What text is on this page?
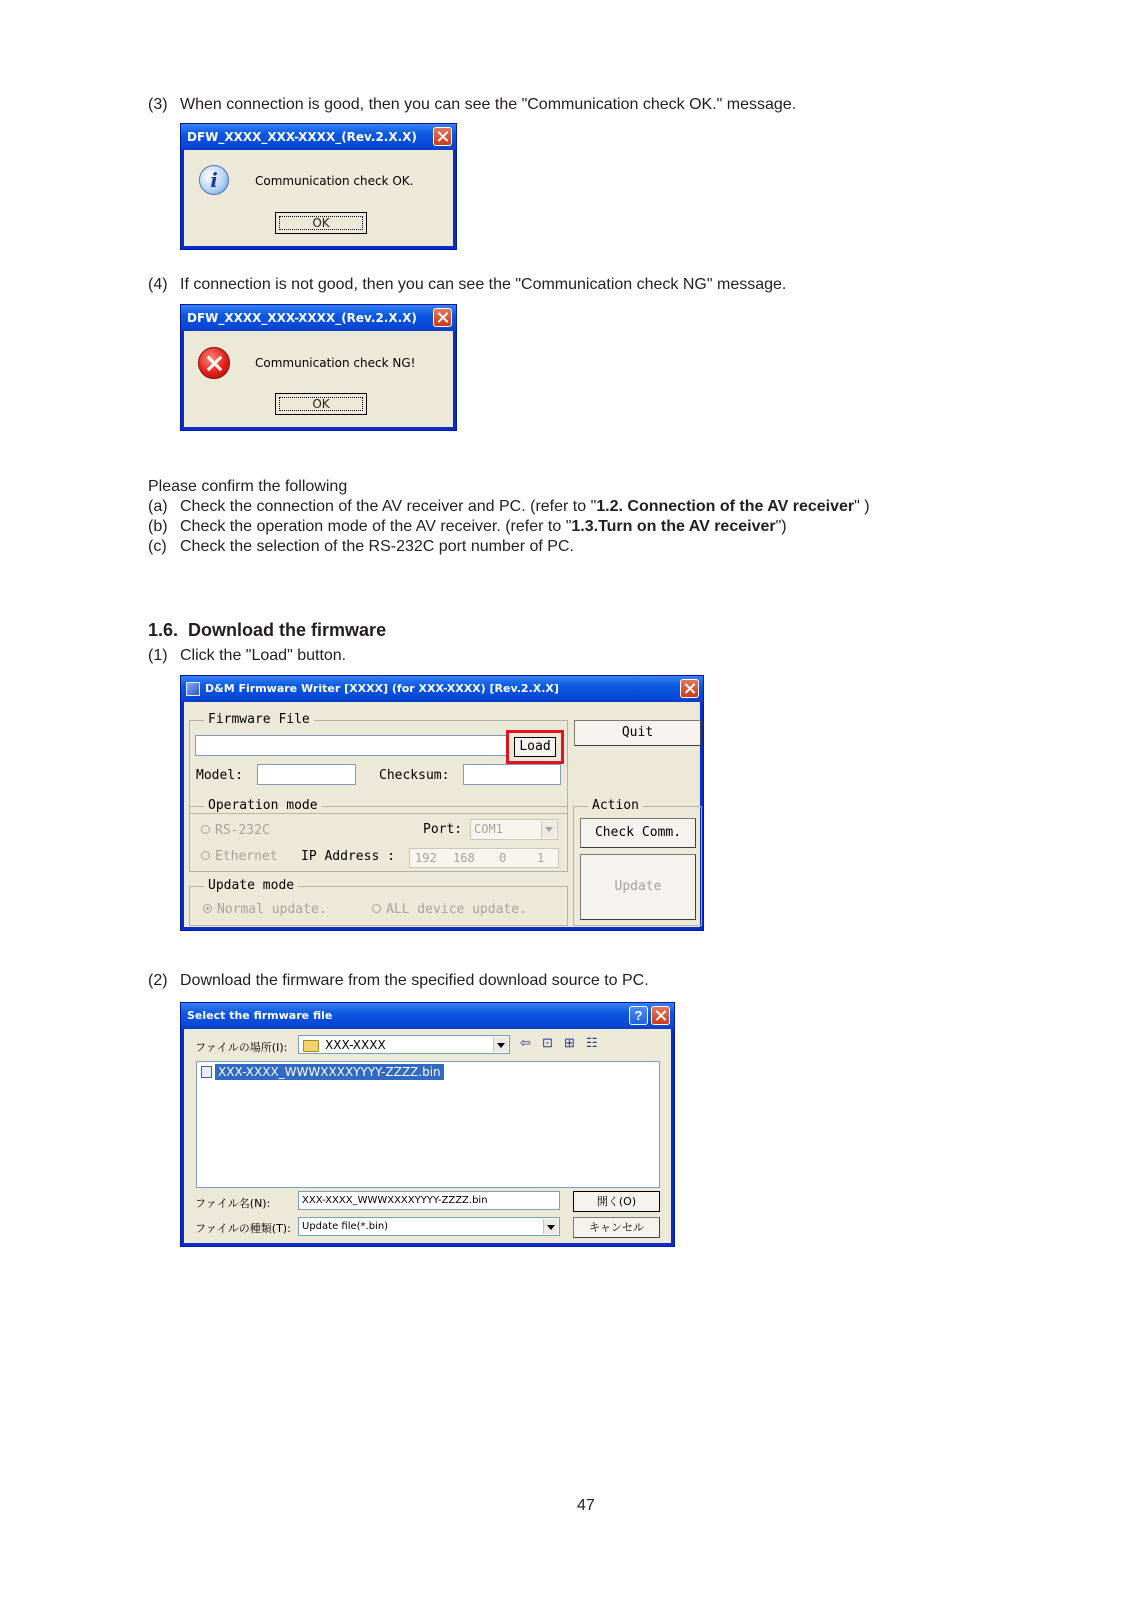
(3) When connection is good, then you can see the "Communication check OK." message.
DFW_XXXX_XXX-XXXX_(Rev.2.X.X)
i	Communication check OK.
OK
(4) If connection is not good, then you can see the "Communication check NG" message.
DFW_XXXX_XXX-XXXX_(Rev.2.X.X)
Communication check NG!
OK
Please confirm the following
(a) Check the connection of the AV receiver and PC. (refer to "1.2. Connection of the AV receiver" )
(b) Check the operation mode of the AV receiver. (refer to "1.3.Turn on the AV receiver")
(c) Check the selection of the RS-232C port number of PC.
1.6. Download the firmware
(1) Click the "Load" button.
D&M Firmware Writer [XXXX] (for XXX-XXXX) [Rev.2.X.X]
Firmware File
Load
Model:	Checksum:
Quit
Operation mode
RS-232C	Port: COM1
Ethernet IP Address : 192 168 0	1
Action
Check Comm.
Update
Update mode
Normal update.	ALL device update.
(2) Download the firmware from the specified download source to PC.
Select the firmware file	?
ファイルの場所(I):	XXX-XXXX	⇦ ⊡ ⊞ ☷
XXX-XXXX_WWWXXXXYYYY-ZZZZ.bin
ファイル名(N):	XXX-XXXX_WWWXXXXYYYY-ZZZZ.bin	開く(O)
ファイルの種類(T): Update file(*.bin)	キャンセル
47
